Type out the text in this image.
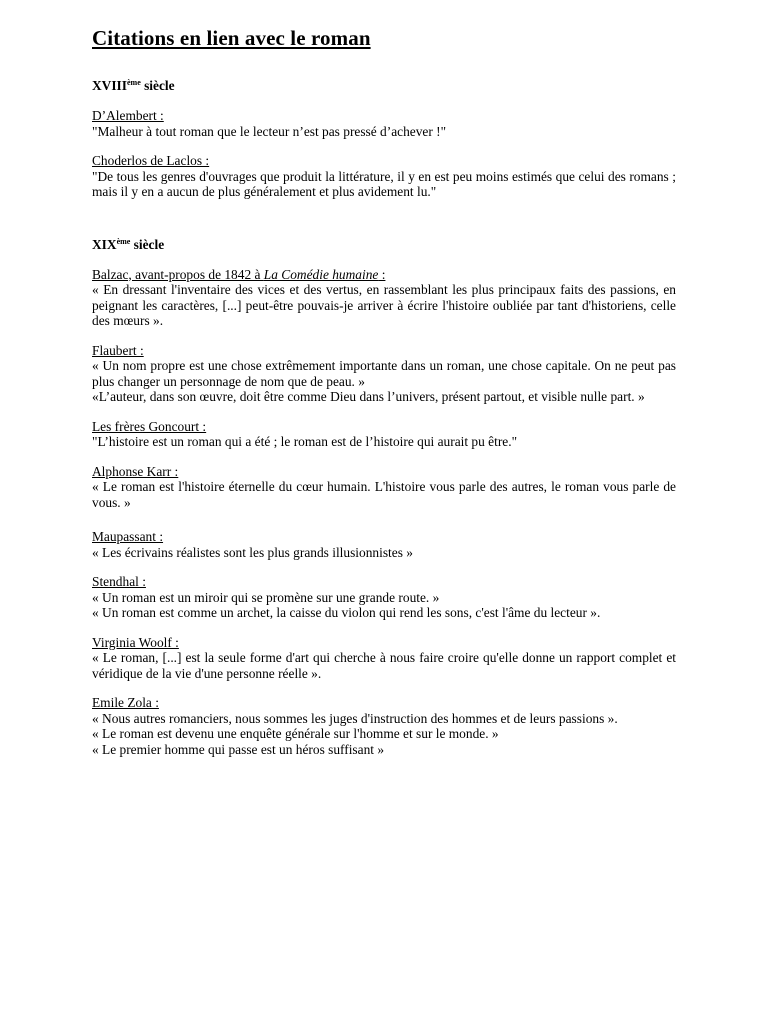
Citations en lien avec le roman
XVIIIème siècle
D’Alembert :

"Malheur à tout roman que le lecteur n’est pas pressé d’achever !"

Choderlos de Laclos :

"De tous les genres d'ouvrages que produit la littérature, il y en est peu moins estimés que celui des romans ; mais il y en a aucun de plus généralement et plus avidement lu."

XIXème siècle
Balzac, avant-propos de 1842 à La Comédie humaine :

« En dressant l'inventaire des vices et des vertus, en rassemblant les plus principaux faits des passions, en peignant les caractères, [...] peut-être pouvais-je arriver à écrire l'histoire oubliée par tant d'historiens, celle des mœurs ».

Flaubert :

« Un nom propre est une chose extrêmement importante dans un roman, une chose capitale. On ne peut pas plus changer un personnage de nom que de peau. »

«L’auteur, dans son œuvre, doit être comme Dieu dans l’univers, présent partout, et visible nulle part. »

Les frères Goncourt :

"L’histoire est un roman qui a été ; le roman est de l’histoire qui aurait pu être."

Alphonse Karr :

« Le roman est l'histoire éternelle du cœur humain. L'histoire vous parle des autres, le roman vous parle de vous. »

Maupassant :

« Les écrivains réalistes sont les plus grands illusionnistes »

Stendhal :

« Un roman est un miroir qui se promène sur une grande route. »

« Un roman est comme un archet, la caisse du violon qui rend les sons, c'est l'âme du lecteur ».

Virginia Woolf :

« Le roman, [...] est la seule forme d'art qui cherche à nous faire croire qu'elle donne un rapport complet et véridique de la vie d'une personne réelle ».

Emile Zola :

« Nous autres romanciers, nous sommes les juges d'instruction des hommes et de leurs passions ».

« Le roman est devenu une enquête générale sur l'homme et sur le monde. »

« Le premier homme qui passe est un héros suffisant »
